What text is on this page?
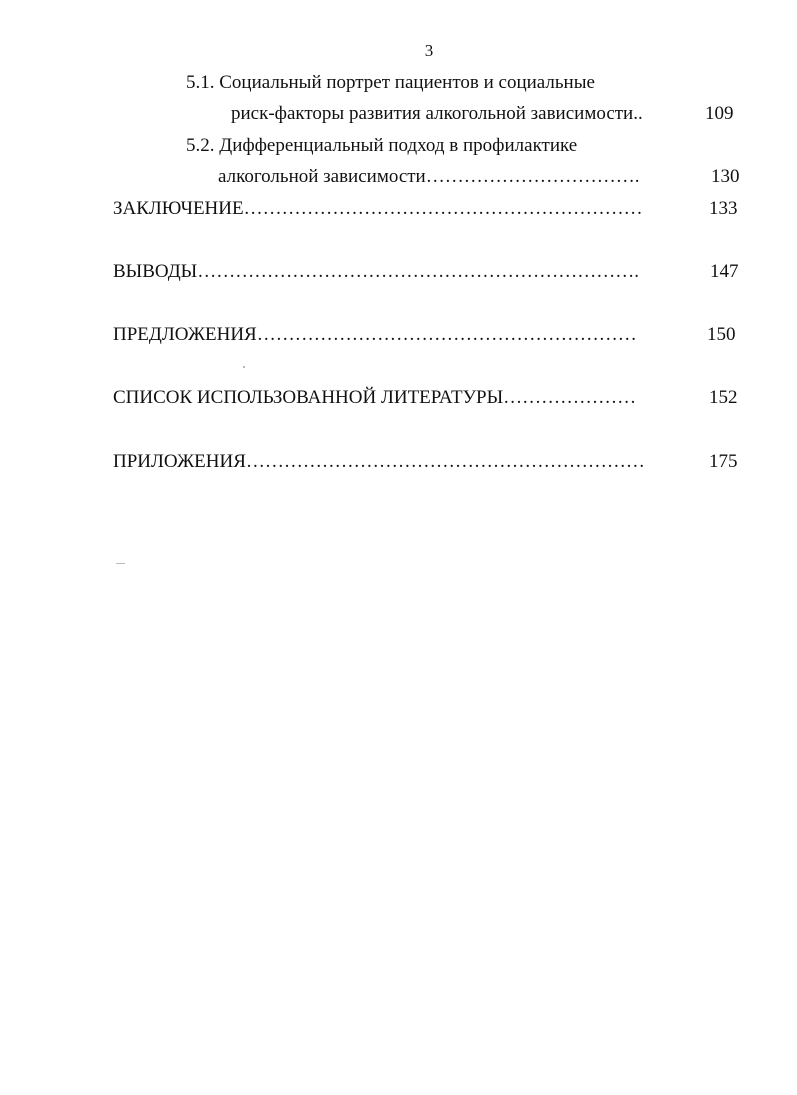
3
5.1. Социальный портрет пациентов и социальные
риск-факторы развития алкогольной зависимости..	109
5.2. Дифференциальный подход в профилактике
алкогольной зависимости…………………………….	130
ЗАКЛЮЧЕНИЕ………………………………………………………	133
ВЫВОДЫ…………………………………………………………….	147
ПРЕДЛОЖЕНИЯ……………………………………………………	150
СПИСОК ИСПОЛЬЗОВАННОЙ ЛИТЕРАТУРЫ…………………	152
ПРИЛОЖЕНИЯ………………………………………………………	175
